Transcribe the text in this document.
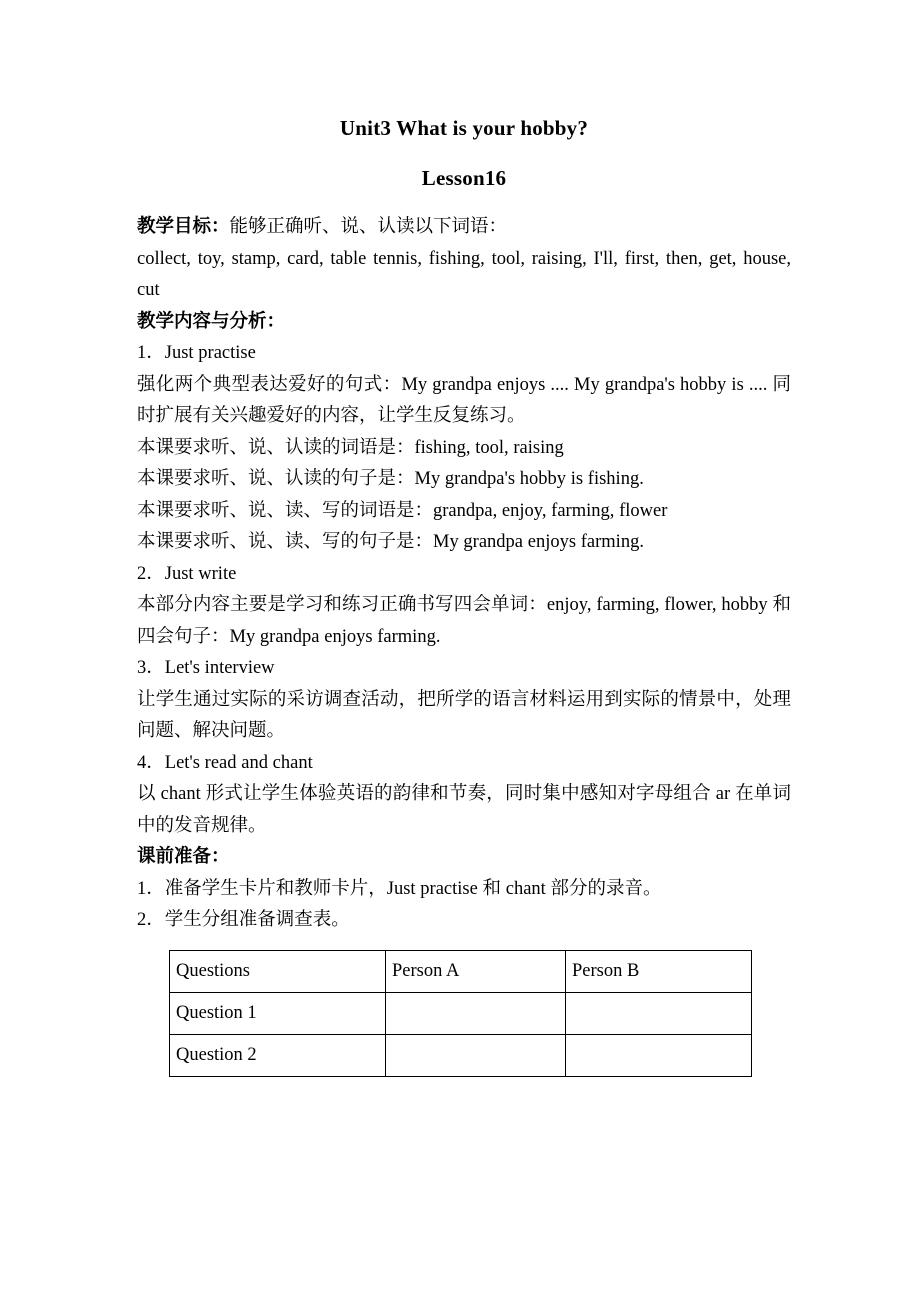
Unit3 What is your hobby?
Lesson16

教学目标：能够正确听、说、认读以下词语：

collect, toy, stamp, card, table tennis, fishing, tool, raising, I'll, first, then, get, house, cut

教学内容与分析：

1．Just practise

强化两个典型表达爱好的句式：My grandpa enjoys .... My grandpa's hobby is .... 同时扩展有关兴趣爱好的内容，让学生反复练习。

本课要求听、说、认读的词语是：fishing, tool, raising

本课要求听、说、认读的句子是：My grandpa's hobby is fishing.

本课要求听、说、读、写的词语是：grandpa, enjoy, farming, flower

本课要求听、说、读、写的句子是：My grandpa enjoys farming.

2．Just write

本部分内容主要是学习和练习正确书写四会单词：enjoy, farming, flower, hobby 和四会句子：My grandpa enjoys farming.

3．Let's interview

让学生通过实际的采访调查活动，把所学的语言材料运用到实际的情景中，处理问题、解决问题。

4．Let's read and chant

以 chant 形式让学生体验英语的韵律和节奏，同时集中感知对字母组合 ar 在单词中的发音规律。

课前准备：

1．准备学生卡片和教师卡片，Just practise 和 chant 部分的录音。

2．学生分组准备调查表。

Questions	Person A	Person B
Question 1		
Question 2		
